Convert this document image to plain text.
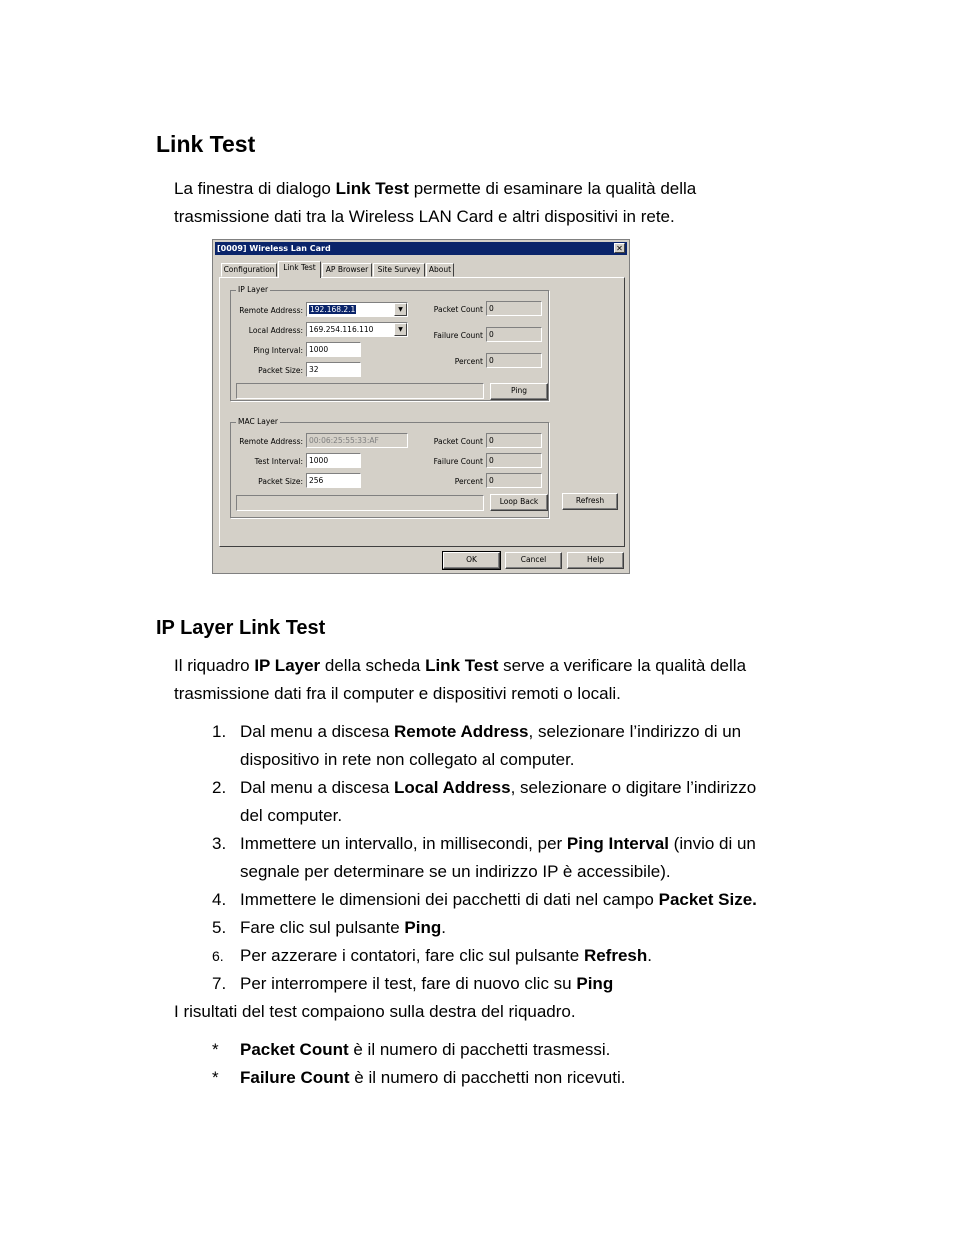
Link Test
La finestra di dialogo Link Test permette di esaminare la qualità della
trasmissione dati tra la Wireless LAN Card e altri dispositivi in rete.
[0009] Wireless Lan Card	✕
Configuration	Link Test	AP Browser	Site Survey	About
IP Layer
Remote Address: 192.168.2.1	▼
Local Address: 169.254.116.110	▼
Ping Interval: 1000
Packet Size: 32
Packet Count 0
Failure Count 0
Percent 0
Ping
MAC Layer
Remote Address: 00:06:25:55:33:AF
Test Interval: 1000
Packet Size: 256
Packet Count 0
Failure Count 0
Percent 0
Loop Back	Refresh
OK	Cancel	Help
IP Layer Link Test
Il riquadro IP Layer della scheda Link Test serve a verificare la qualità della
trasmissione dati fra il computer e dispositivi remoti o locali.
1. Dal menu a discesa Remote Address, selezionare l’indirizzo di un
dispositivo in rete non collegato al computer.
2. Dal menu a discesa Local Address, selezionare o digitare l’indirizzo
del computer.
3. Immettere un intervallo, in millisecondi, per Ping Interval (invio di un
segnale per determinare se un indirizzo IP è accessibile).
4. Immettere le dimensioni dei pacchetti di dati nel campo Packet Size.
5. Fare clic sul pulsante Ping.
6. Per azzerare i contatori, fare clic sul pulsante Refresh.
7. Per interrompere il test, fare di nuovo clic su Ping
I risultati del test compaiono sulla destra del riquadro.
* Packet Count è il numero di pacchetti trasmessi.
* Failure Count è il numero di pacchetti non ricevuti.
